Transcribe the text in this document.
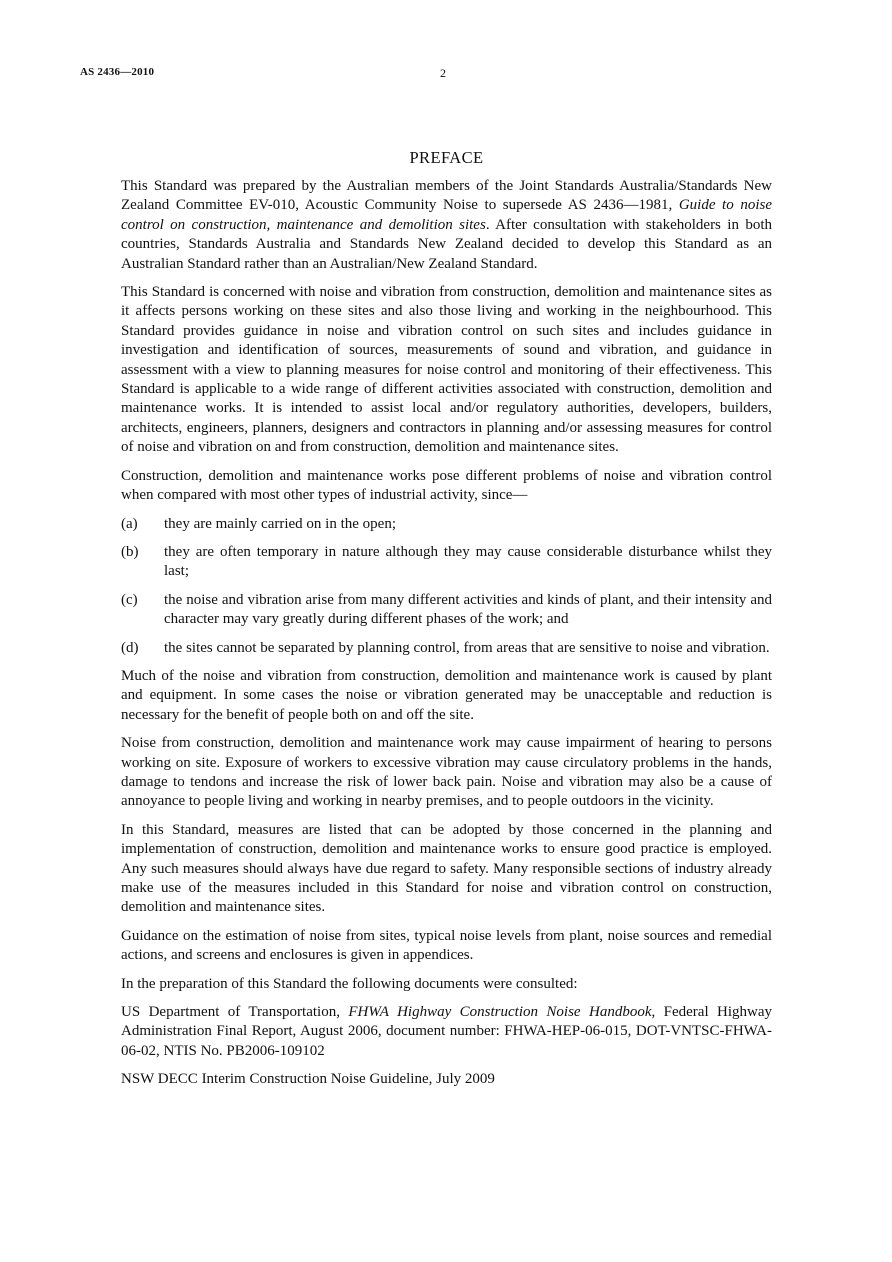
AS 2436—2010	2
PREFACE

This Standard was prepared by the Australian members of the Joint Standards Australia/Standards New Zealand Committee EV-010, Acoustic Community Noise to supersede AS 2436—1981, Guide to noise control on construction, maintenance and demolition sites. After consultation with stakeholders in both countries, Standards Australia and Standards New Zealand decided to develop this Standard as an Australian Standard rather than an Australian/New Zealand Standard.

This Standard is concerned with noise and vibration from construction, demolition and maintenance sites as it affects persons working on these sites and also those living and working in the neighbourhood. This Standard provides guidance in noise and vibration control on such sites and includes guidance in investigation and identification of sources, measurements of sound and vibration, and guidance in assessment with a view to planning measures for noise control and monitoring of their effectiveness. This Standard is applicable to a wide range of different activities associated with construction, demolition and maintenance works. It is intended to assist local and/or regulatory authorities, developers, builders, architects, engineers, planners, designers and contractors in planning and/or assessing measures for control of noise and vibration on and from construction, demolition and maintenance sites.

Construction, demolition and maintenance works pose different problems of noise and vibration control when compared with most other types of industrial activity, since—

(a)	they are mainly carried on in the open;
(b)	they are often temporary in nature although they may cause considerable disturbance whilst they last;
(c)	the noise and vibration arise from many different activities and kinds of plant, and their intensity and character may vary greatly during different phases of the work; and
(d)	the sites cannot be separated by planning control, from areas that are sensitive to noise and vibration.

Much of the noise and vibration from construction, demolition and maintenance work is caused by plant and equipment. In some cases the noise or vibration generated may be unacceptable and reduction is necessary for the benefit of people both on and off the site.

Noise from construction, demolition and maintenance work may cause impairment of hearing to persons working on site. Exposure of workers to excessive vibration may cause circulatory problems in the hands, damage to tendons and increase the risk of lower back pain. Noise and vibration may also be a cause of annoyance to people living and working in nearby premises, and to people outdoors in the vicinity.

In this Standard, measures are listed that can be adopted by those concerned in the planning and implementation of construction, demolition and maintenance works to ensure good practice is employed. Any such measures should always have due regard to safety. Many responsible sections of industry already make use of the measures included in this Standard for noise and vibration control on construction, demolition and maintenance sites.

Guidance on the estimation of noise from sites, typical noise levels from plant, noise sources and remedial actions, and screens and enclosures is given in appendices.

In the preparation of this Standard the following documents were consulted:

US Department of Transportation, FHWA Highway Construction Noise Handbook, Federal Highway Administration Final Report, August 2006, document number: FHWA-HEP-06-015, DOT-VNTSC-FHWA-06-02, NTIS No. PB2006-109102

NSW DECC Interim Construction Noise Guideline, July 2009
